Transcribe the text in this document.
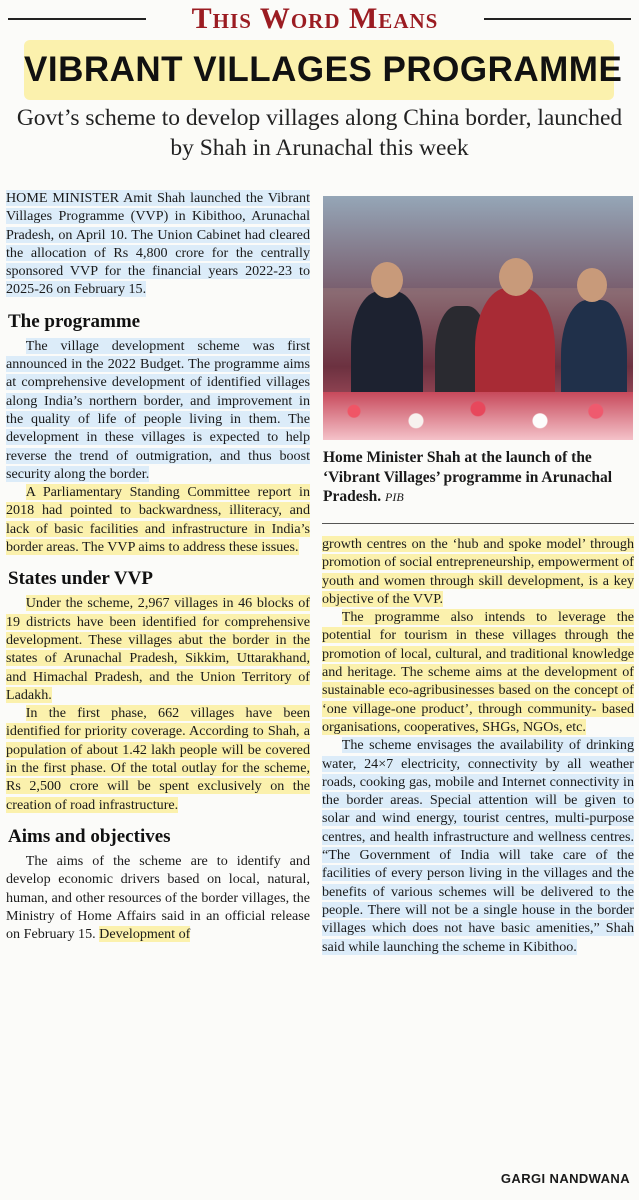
This Word Means
VIBRANT VILLAGES PROGRAMME
Govt’s scheme to develop villages along China border, launched by Shah in Arunachal this week

HOME MINISTER Amit Shah launched the Vibrant Villages Programme (VVP) in Kibithoo, Arunachal Pradesh, on April 10. The Union Cabinet had cleared the allocation of Rs 4,800 crore for the centrally sponsored VVP for the financial years 2022-23 to 2025-26 on February 15.

The programme

The village development scheme was first announced in the 2022 Budget. The programme aims at comprehensive development of identified villages along India’s northern border, and improvement in the quality of life of people living in them. The development in these villages is expected to help reverse the trend of outmigration, and thus boost security along the border.

A Parliamentary Standing Committee report in 2018 had pointed to backwardness, illiteracy, and lack of basic facilities and infrastructure in India’s border areas. The VVP aims to address these issues.

States under VVP

Under the scheme, 2,967 villages in 46 blocks of 19 districts have been identified for comprehensive development. These villages abut the border in the states of Arunachal Pradesh, Sikkim, Uttarakhand, and Himachal Pradesh, and the Union Territory of Ladakh.

In the first phase, 662 villages have been identified for priority coverage. According to Shah, a population of about 1.42 lakh people will be covered in the first phase. Of the total outlay for the scheme, Rs 2,500 crore will be spent exclusively on the creation of road infrastructure.

Aims and objectives

The aims of the scheme are to identify and develop economic drivers based on local, natural, human, and other resources of the border villages, the Ministry of Home Affairs said in an official release on February 15. Development of

Home Minister Shah at the launch of the ‘Vibrant Villages’ programme in Arunachal Pradesh. PIB

growth centres on the ‘hub and spoke model’ through promotion of social entrepreneurship, empowerment of youth and women through skill development, is a key objective of the VVP.

The programme also intends to leverage the potential for tourism in these villages through the promotion of local, cultural, and traditional knowledge and heritage. The scheme aims at the development of sustainable eco-agribusinesses based on the concept of ‘one village-one product’, through community- based organisations, cooperatives, SHGs, NGOs, etc.

The scheme envisages the availability of drinking water, 24×7 electricity, connectivity by all weather roads, cooking gas, mobile and Internet connectivity in the border areas. Special attention will be given to solar and wind energy, tourist centres, multi-purpose centres, and health infrastructure and wellness centres. “The Government of India will take care of the facilities of every person living in the villages and the benefits of various schemes will be delivered to the people. There will not be a single house in the border villages which does not have basic amenities,” Shah said while launching the scheme in Kibithoo.

GARGI NANDWANA
